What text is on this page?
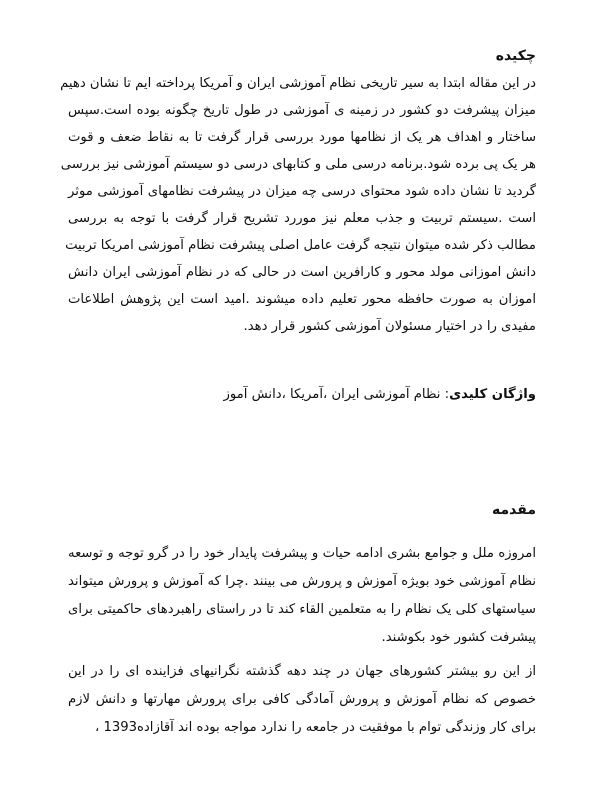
چکیده
در این مقاله ابتدا به سیر تاریخی نظام آموزشی ایران و آمریکا پرداخته ایم تا نشان دهیم
میزان پیشرفت دو کشور در زمینه ی آموزشی در طول تاریخ چگونه بوده است.سپس
ساختار و اهداف هر یک از نظامها مورد بررسی قرار گرفت تا به نقاط ضعف و قوت
هر یک پی برده شود.برنامه درسی ملی و کتابهای درسی دو سیستم آموزشی نیز بررسی
گردید تا نشان داده شود محتوای درسی چه میزان در پیشرفت نظامهای آموزشی موثر
است .سیستم تربیت و جذب معلم نیز موررد تشریح قرار گرفت با توجه به بررسی
مطالب ذکر شده میتوان نتیجه گرفت عامل اصلی پیشرفت نظام آموزشی امریکا تربیت
دانش اموزانی مولد محور و کارافرین است در حالی که در نظام آموزشی ایران دانش
اموزان به صورت حافظه محور تعلیم داده میشوند .امید است این پژوهش اطلاعات
مفیدی را در اختیار مسئولان آموزشی کشور قرار دهد.
واژگان کلیدی: نظام آموزشی ایران ،آمریکا ،دانش آموز
مقدمه
امروزه ملل و جوامع بشری ادامه حیات و پیشرفت پایدار خود را در گرو توجه و توسعه
نظام آموزشی خود بویژه آموزش و پرورش می بینند .چرا که آموزش و پرورش میتواند
سیاستهای کلی یک نظام را به متعلمین القاء کند تا در راستای راهبردهای حاکمیتی برای
پیشرفت کشور خود بکوشند.
از این رو بیشتر کشورهای جهان در چند دهه گذشته نگرانیهای فزاینده ای را در این
خصوص که نظام آموزش و پرورش آمادگی کافی برای پرورش مهارتها و دانش لازم
برای کار وزندگی توام با موفقیت در جامعه را ندارد مواجه بوده اند آقازاده1393 ،
